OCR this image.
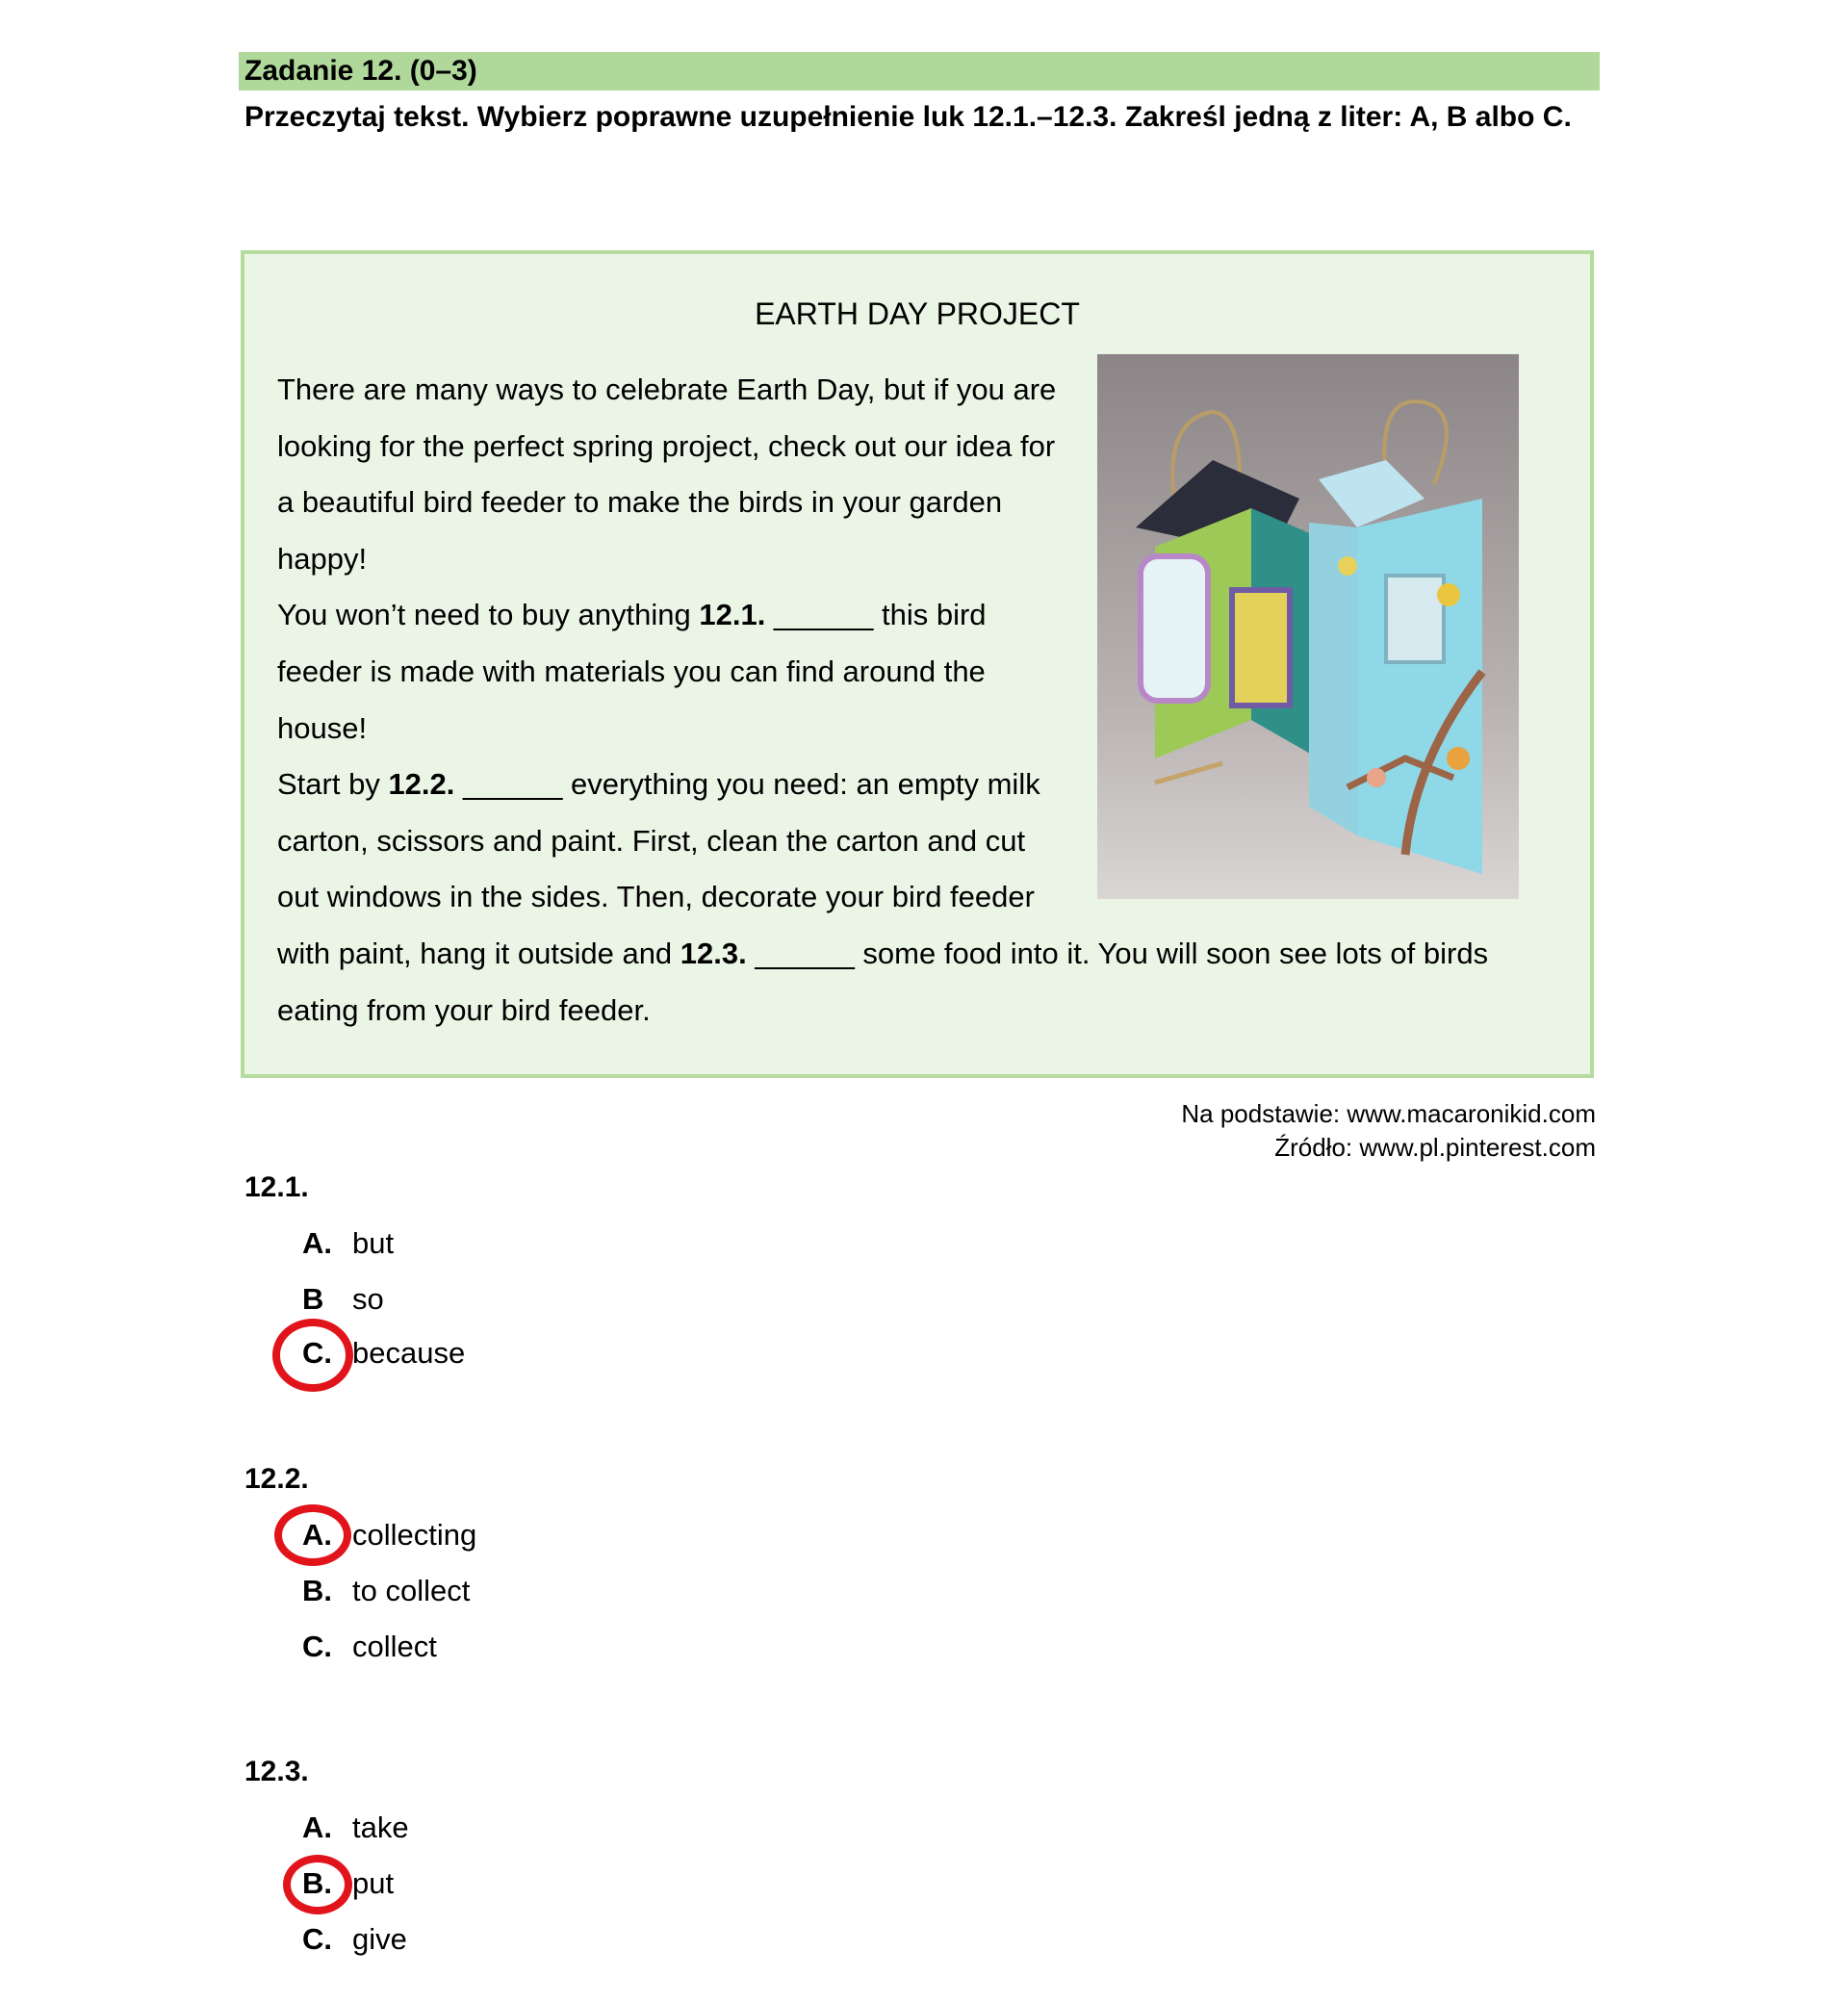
Zadanie 12. (0–3)
Przeczytaj tekst. Wybierz poprawne uzupełnienie luk 12.1.–12.3. Zakreśl jedną z liter: A, B albo C.
EARTH DAY PROJECT
There are many ways to celebrate Earth Day, but if you are looking for the perfect spring project, check out our idea for a beautiful bird feeder to make the birds in your garden happy!
You won’t need to buy anything 12.1. ______ this bird feeder is made with materials you can find around the house!
Start by 12.2. ______ everything you need: an empty milk carton, scissors and paint. First, clean the carton and cut out windows in the sides. Then, decorate your bird feeder with paint, hang it outside and 12.3. ______ some food into it. You will soon see lots of birds eating from your bird feeder.
Na podstawie: www.macaronikid.com
Źródło: www.pl.pinterest.com
12.1.
A. but
B so
C. because
12.2.
A. collecting
B. to collect
C. collect
12.3.
A. take
B. put
C. give
